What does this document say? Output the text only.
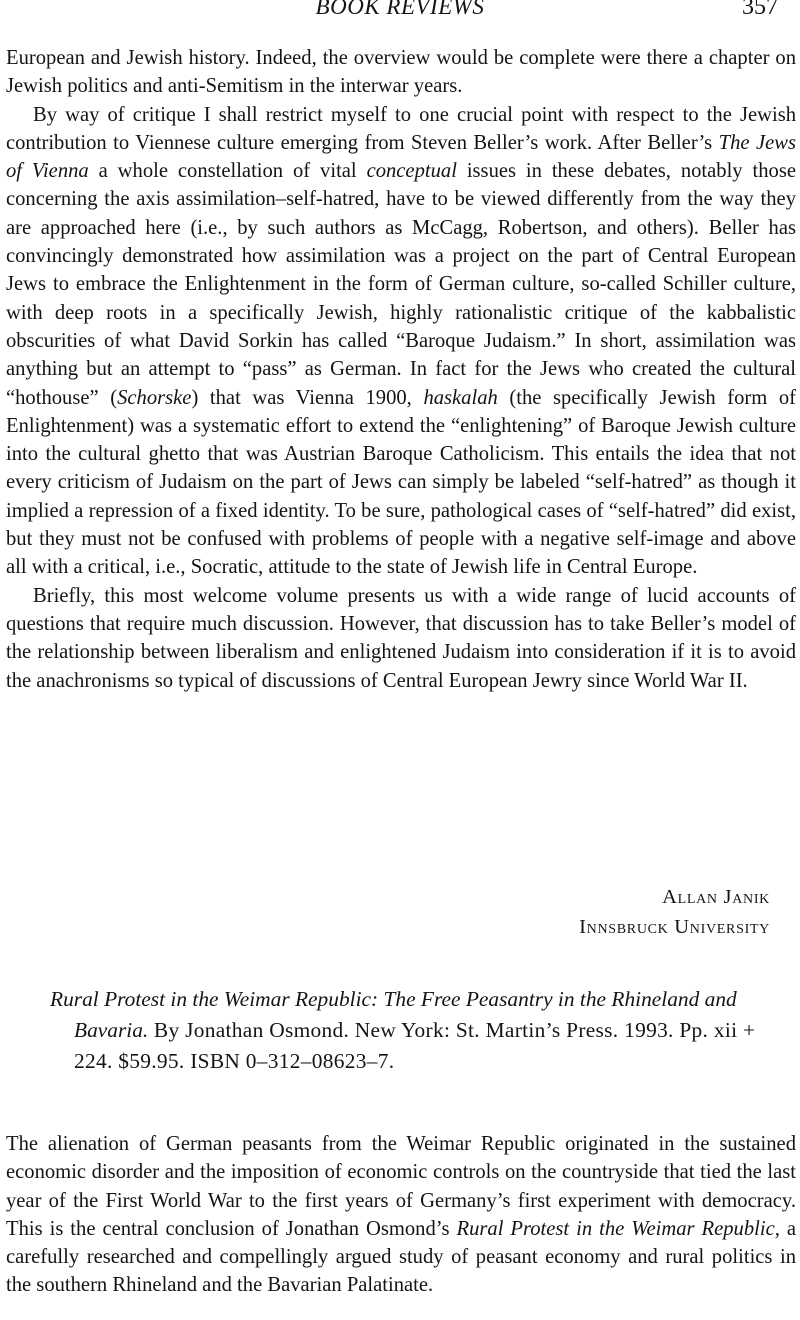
BOOK REVIEWS	357

European and Jewish history. Indeed, the overview would be complete were there a chapter on Jewish politics and anti-Semitism in the interwar years.

By way of critique I shall restrict myself to one crucial point with respect to the Jewish contribution to Viennese culture emerging from Steven Beller’s work. After Beller’s The Jews of Vienna a whole constellation of vital conceptual issues in these debates, notably those concerning the axis assimilation–self-hatred, have to be viewed differently from the way they are approached here (i.e., by such authors as McCagg, Robertson, and others). Beller has convincingly demonstrated how assimilation was a project on the part of Central European Jews to embrace the Enlightenment in the form of German culture, so-called Schiller culture, with deep roots in a specifically Jewish, highly rationalistic critique of the kabbalistic obscurities of what David Sorkin has called “Baroque Judaism.” In short, assimilation was anything but an attempt to “pass” as German. In fact for the Jews who created the cultural “hothouse” (Schorske) that was Vienna 1900, haskalah (the specifically Jewish form of Enlightenment) was a systematic effort to extend the “enlightening” of Baroque Jewish culture into the cultural ghetto that was Austrian Baroque Catholicism. This entails the idea that not every criticism of Judaism on the part of Jews can simply be labeled “self-hatred” as though it implied a repression of a fixed identity. To be sure, pathological cases of “self-hatred” did exist, but they must not be confused with problems of people with a negative self-image and above all with a critical, i.e., Socratic, attitude to the state of Jewish life in Central Europe.

Briefly, this most welcome volume presents us with a wide range of lucid accounts of questions that require much discussion. However, that discussion has to take Beller’s model of the relationship between liberalism and enlightened Judaism into consideration if it is to avoid the anachronisms so typical of discussions of Central European Jewry since World War II.

Allan Janik
Innsbruck University
Rural Protest in the Weimar Republic: The Free Peasantry in the Rhineland and Bavaria. By Jonathan Osmond. New York: St. Martin’s Press. 1993. Pp. xii + 224. $59.95. ISBN 0–312–08623–7.

The alienation of German peasants from the Weimar Republic originated in the sustained economic disorder and the imposition of economic controls on the countryside that tied the last year of the First World War to the first years of Germany’s first experiment with democracy. This is the central conclusion of Jonathan Osmond’s Rural Protest in the Weimar Republic, a carefully researched and compellingly argued study of peasant economy and rural politics in the southern Rhineland and the Bavarian Palatinate.
